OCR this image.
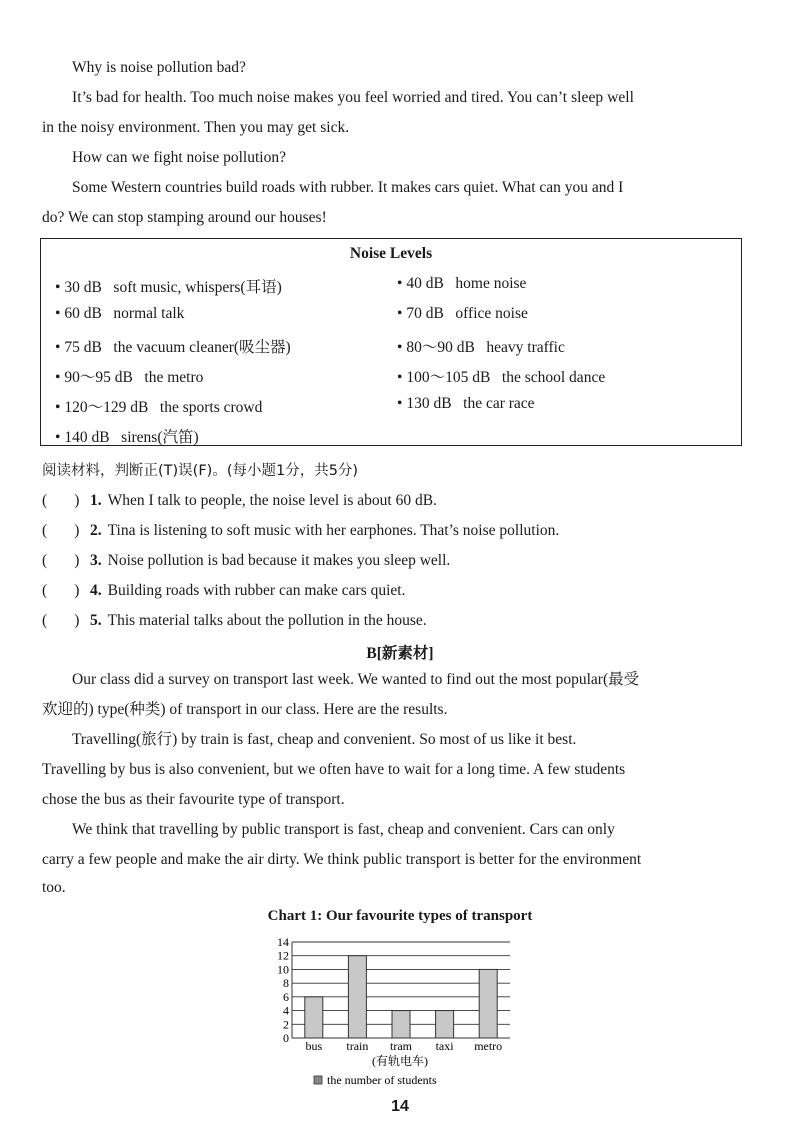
Why is noise pollution bad?
It’s bad for health. Too much noise makes you feel worried and tired. You can’t sleep well
in the noisy environment. Then you may get sick.
How can we fight noise pollution?
Some Western countries build roads with rubber. It makes cars quiet. What can you and I
do? We can stop stamping around our houses!
Noise Levels
• 30 dB soft music, whispers(耳语)
• 60 dB normal talk
• 75 dB the vacuum cleaner(吸尘器)
• 90～95 dB the metro
• 120～129 dB the sports crowd
• 140 dB sirens(汽笛)
• 40 dB home noise
• 70 dB office noise
• 80～90 dB heavy traffic
• 100～105 dB the school dance
• 130 dB the car race
阅读材料，判断正(T)误(F)。(每小题1分，共5分)
(       ) 1. When I talk to people, the noise level is about 60 dB.
(       ) 2. Tina is listening to soft music with her earphones. That’s noise pollution.
(       ) 3. Noise pollution is bad because it makes you sleep well.
(       ) 4. Building roads with rubber can make cars quiet.
(       ) 5. This material talks about the pollution in the house.
B[新素材]
Our class did a survey on transport last week. We wanted to find out the most popular(最受
欢迎的) type(种类) of transport in our class. Here are the results.
Travelling(旅行) by train is fast, cheap and convenient. So most of us like it best.
Travelling by bus is also convenient, but we often have to wait for a long time. A few students
chose the bus as their favourite type of transport.
We think that travelling by public transport is fast, cheap and convenient. Cars can only
carry a few people and make the air dirty. We think public transport is better for the environment
too.
Chart 1: Our favourite types of transport
0
2
4
6
8
10
12
14
bus train tram taxi metro
(有轨电车)
the number of students
14
